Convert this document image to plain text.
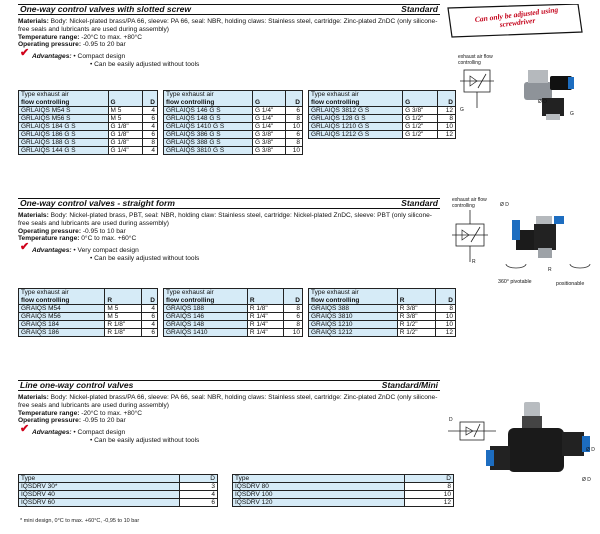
One-way control valves with slotted screw	Standard
Materials: Body: Nickel-plated brass/PA 66, sleeve: PA 66, seal: NBR, holding claws: Stainless steel, cartridge: Zinc-plated ZnDC (only silicone-free seals and lubricants are used during assembly)
Temperature range: -20°C to max. +80°C
Operating pressure: -0.95 to 20 bar
✔ Advantages: • Compact design
• Can be easily adjusted without tools
Type exhaust air		
flow controlling	G	D
GRLAIQS M54 S	M 5	4
GRLAIQS M56 S	M 5	6
GRLAIQS 184 G S	G 1/8"	4
GRLAIQS 186 G S	G 1/8"	6
GRLAIQS 188 G S	G 1/8"	8
GRLAIQS 144 G S	G 1/4"	4
Type exhaust air		
flow controlling	G	D
GRLAIQS 146 G S	G 1/4"	6
GRLAIQS 148 G S	G 1/4"	8
GRLAIQS 1410 G S	G 1/4"	10
GRLAIQS 386 G S	G 3/8"	6
GRLAIQS 388 G S	G 3/8"	8
GRLAIQS 3810 G S	G 3/8"	10
Type exhaust air		
flow controlling	G	D
GRLAIQS 3812 G S	G 3/8"	12
GRLAIQS 128 G S	G 1/2"	8
GRLAIQS 1210 G S	G 1/2"	10
GRLAIQS 1212 G S	G 1/2"	12
Can only be adjusted using screwdriver
exhaust air flow controlling
G
Ø D
G
One-way control valves - straight form	Standard
Materials: Body: Nickel-plated brass, PBT, seal: NBR, holding claw: Stainless steel, cartridge: Nickel-plated ZnDC, sleeve: PBT (only silicone-free seals and lubricants are used during assembly)
Operating pressure: -0.95 to 10 bar
Temperature range: 0°C to max. +60°C
✔ Advantages: • Very compact design
• Can be easily adjusted without tools
Type exhaust air		
flow controlling	R	D
GRAIQS M54	M 5	4
GRAIQS M56	M 5	6
GRAIQS 184	R 1/8"	4
GRAIQS 186	R 1/8"	6
Type exhaust air		
flow controlling	R	D
GRAIQS 188	R 1/8"	8
GRAIQS 146	R 1/4"	6
GRAIQS 148	R 1/4"	8
GRAIQS 1410	R 1/4"	10
Type exhaust air		
flow controlling	R	D
GRAIQS 388	R 3/8"	8
GRAIQS 3810	R 3/8"	10
GRAIQS 1210	R 1/2"	10
GRAIQS 1212	R 1/2"	12
exhaust air flow controlling	Ø D
R
R
360° pivotable	positionable
Line one-way control valves	Standard/Mini
Materials: Body: Nickel-plated brass/PA 66, sleeve: PA 66, seal: NBR, holding claws: Stainless steel, cartridge: Zinc-plated ZnDC (only silicone-free seals and lubricants are used during assembly)
Temperature range: -20°C to max. +80°C
Operating pressure: -0.95 to 20 bar
✔ Advantages: • Compact design
• Can be easily adjusted without tools
Type	D
IQSDRV 30*	3
IQSDRV 40	4
IQSDRV 60	6
Type	D
IQSDRV 80	8
IQSDRV 100	10
IQSDRV 120	12
* mini design, 0°C to max. +60°C, -0,95 to 10 bar
D
Ø D
Ø D
